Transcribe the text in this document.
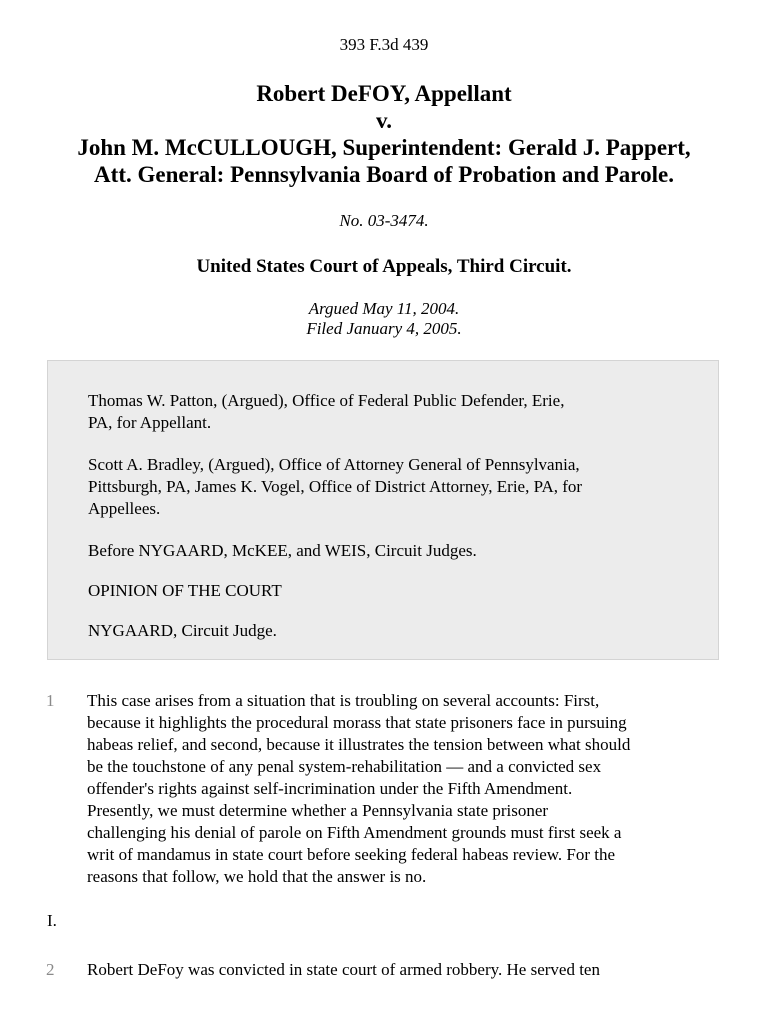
393 F.3d 439
Robert DeFOY, Appellant
v.
John M. McCULLOUGH, Superintendent: Gerald J. Pappert,
Att. General: Pennsylvania Board of Probation and Parole.
No. 03-3474.
United States Court of Appeals, Third Circuit.
Argued May 11, 2004.
Filed January 4, 2005.

Thomas W. Patton, (Argued), Office of Federal Public Defender, Erie,
PA, for Appellant.

Scott A. Bradley, (Argued), Office of Attorney General of Pennsylvania,
Pittsburgh, PA, James K. Vogel, Office of District Attorney, Erie, PA, for
Appellees.

Before NYGAARD, McKEE, and WEIS, Circuit Judges.

OPINION OF THE COURT

NYGAARD, Circuit Judge.

1 This case arises from a situation that is troubling on several accounts: First,
because it highlights the procedural morass that state prisoners face in pursuing
habeas relief, and second, because it illustrates the tension between what should
be the touchstone of any penal system-rehabilitation — and a convicted sex
offender's rights against self-incrimination under the Fifth Amendment.
Presently, we must determine whether a Pennsylvania state prisoner
challenging his denial of parole on Fifth Amendment grounds must first seek a
writ of mandamus in state court before seeking federal habeas review. For the
reasons that follow, we hold that the answer is no.
I.
2 Robert DeFoy was convicted in state court of armed robbery. He served ten
